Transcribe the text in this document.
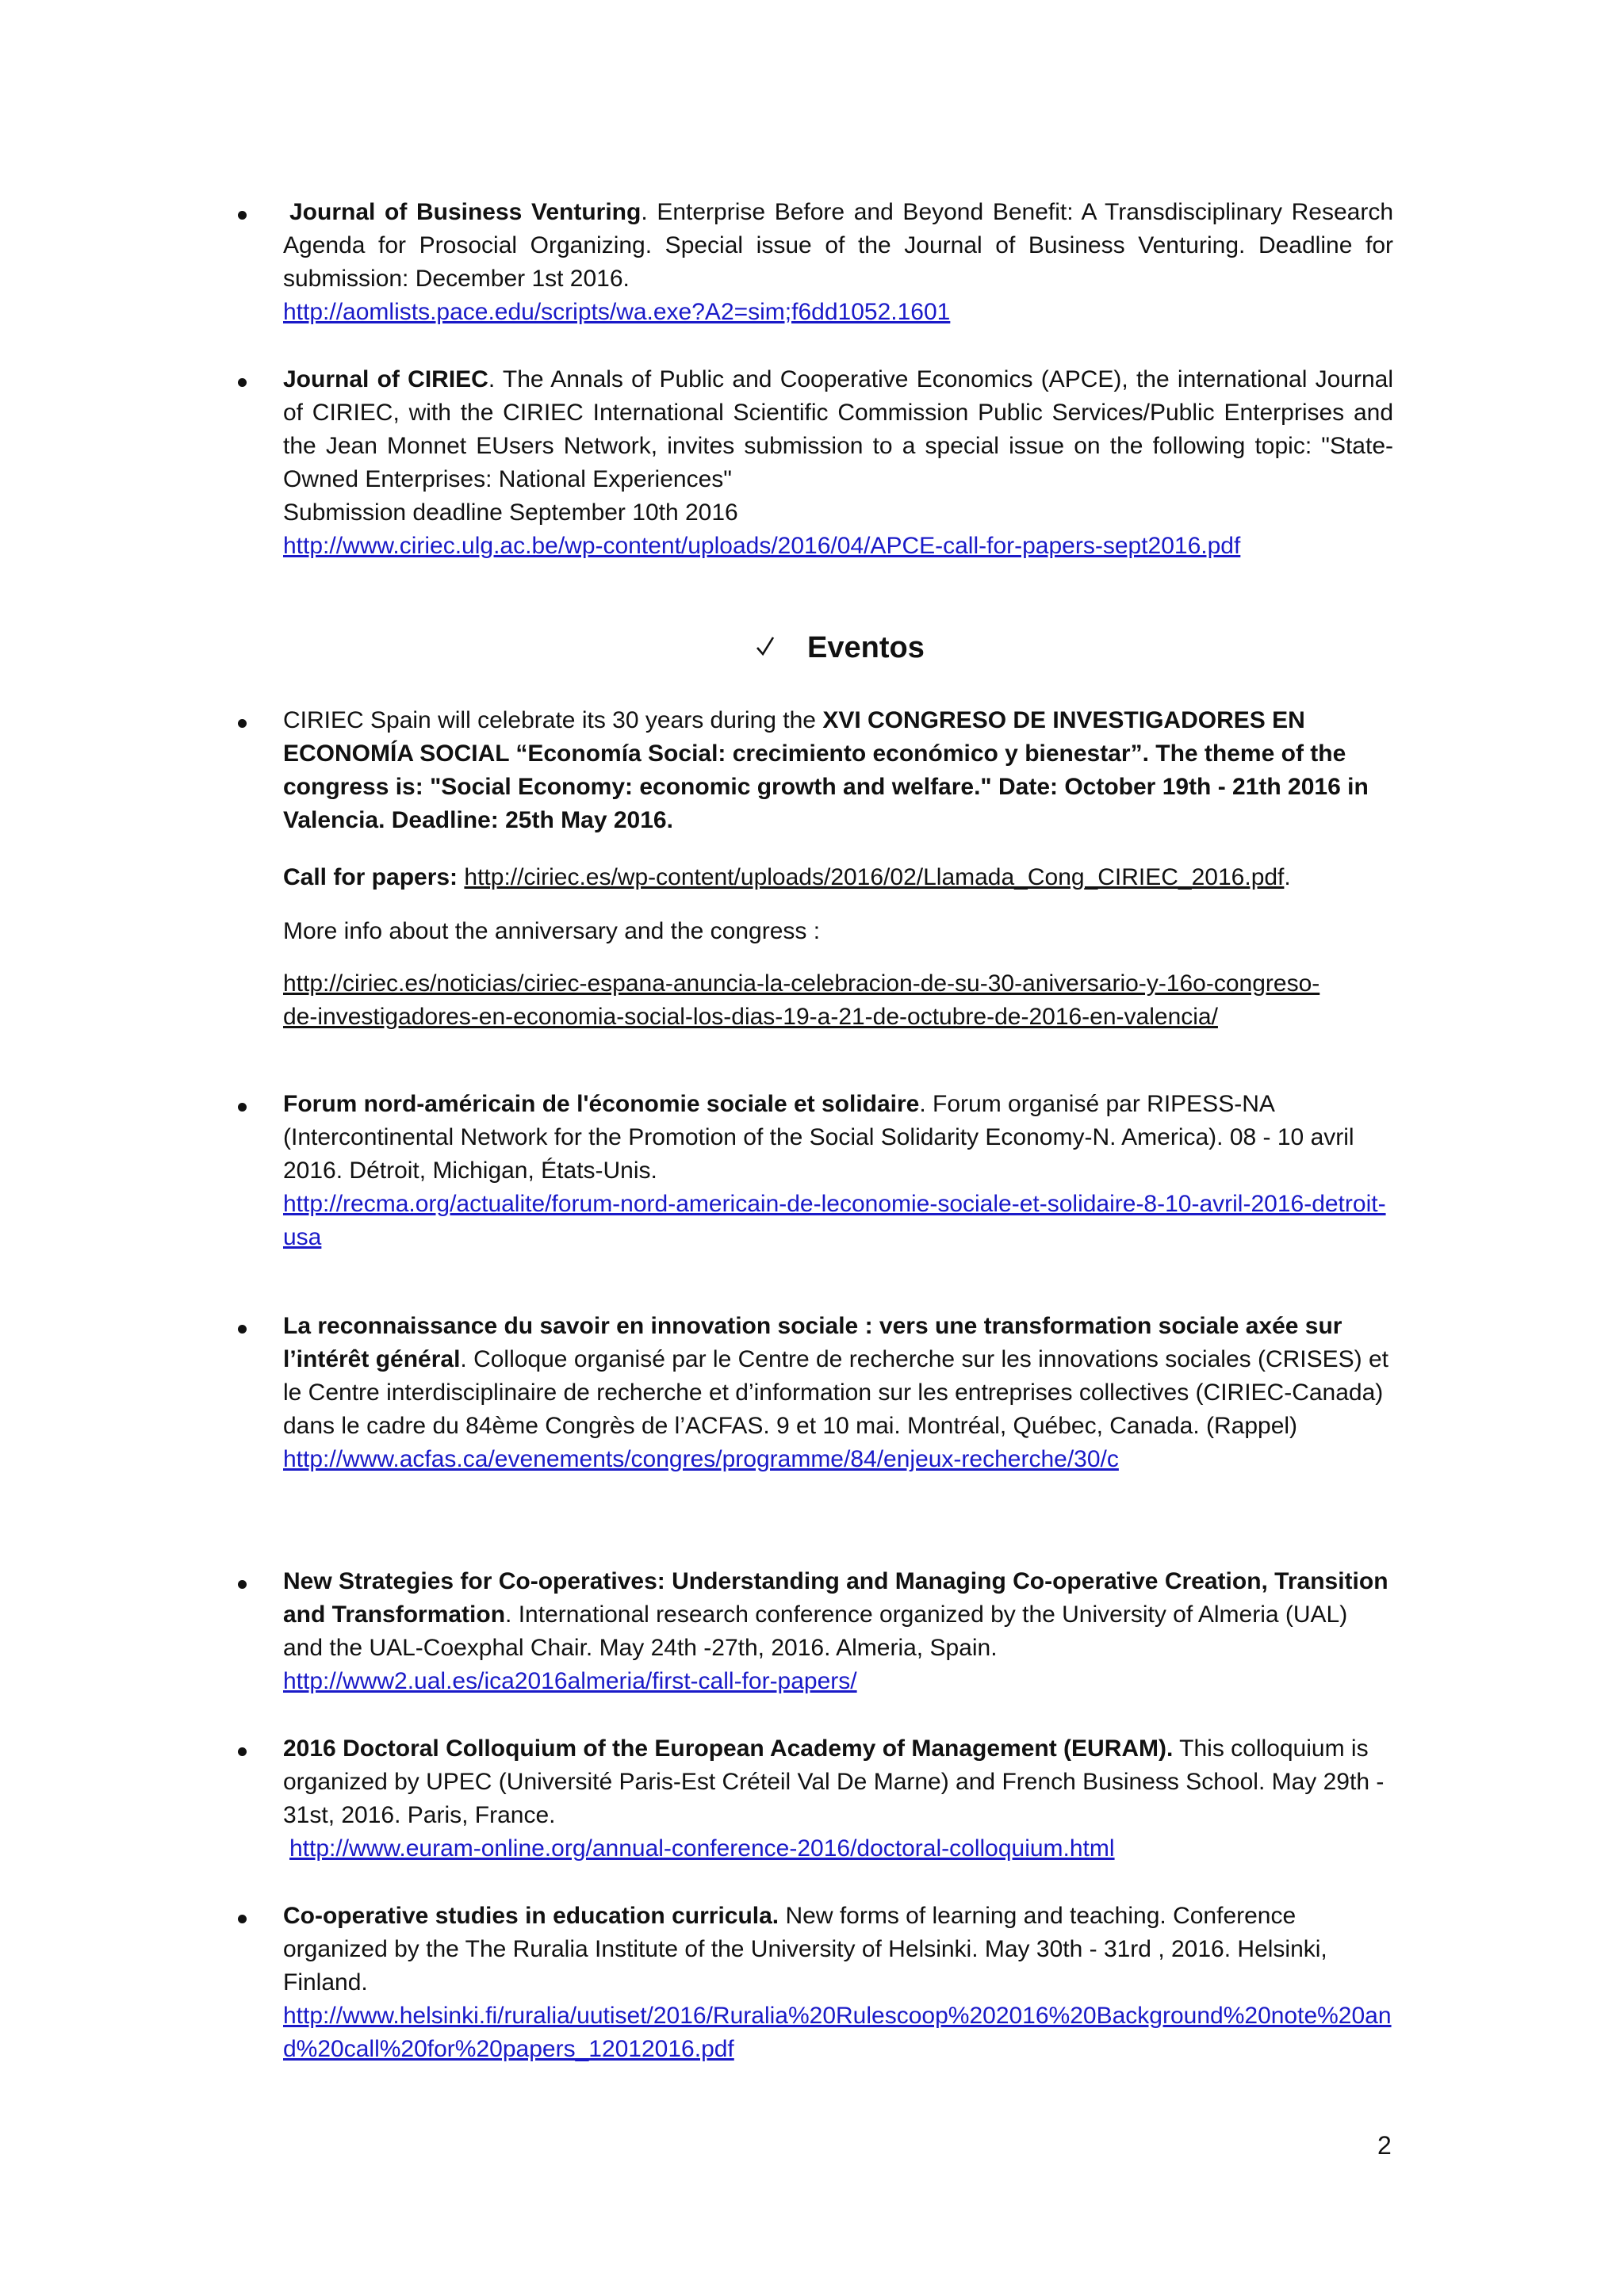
Journal of Business Venturing. Enterprise Before and Beyond Benefit: A Transdisciplinary Research Agenda for Prosocial Organizing. Special issue of the Journal of Business Venturing. Deadline for submission: December 1st 2016.
http://aomlists.pace.edu/scripts/wa.exe?A2=sim;f6dd1052.1601
Journal of CIRIEC. The Annals of Public and Cooperative Economics (APCE), the international Journal of CIRIEC, with the CIRIEC International Scientific Commission Public Services/Public Enterprises and the Jean Monnet EUsers Network, invites submission to a special issue on the following topic: "State-Owned Enterprises: National Experiences"
Submission deadline September 10th 2016
http://www.ciriec.ulg.ac.be/wp-content/uploads/2016/04/APCE-call-for-papers-sept2016.pdf
Eventos

CIRIEC Spain will celebrate its 30 years during the XVI CONGRESO DE INVESTIGADORES EN ECONOMÍA SOCIAL “Economía Social: crecimiento económico y bienestar”. The theme of the congress is: "Social Economy: economic growth and welfare." Date: October 19th - 21th 2016 in Valencia. Deadline: 25th May 2016.

Call for papers: http://ciriec.es/wp-content/uploads/2016/02/Llamada_Cong_CIRIEC_2016.pdf.

More info about the anniversary and the congress :

http://ciriec.es/noticias/ciriec-espana-anuncia-la-celebracion-de-su-30-aniversario-y-16o-congreso-de-investigadores-en-economia-social-los-dias-19-a-21-de-octubre-de-2016-en-valencia/

Forum nord-américain de l'économie sociale et solidaire. Forum organisé par RIPESS-NA (Intercontinental Network for the Promotion of the Social Solidarity Economy-N. America). 08 - 10 avril 2016. Détroit, Michigan, États-Unis.
http://recma.org/actualite/forum-nord-americain-de-leconomie-sociale-et-solidaire-8-10-avril-2016-detroit-usa
La reconnaissance du savoir en innovation sociale : vers une transformation sociale axée sur l’intérêt général. Colloque organisé par le Centre de recherche sur les innovations sociales (CRISES) et le Centre interdisciplinaire de recherche et d’information sur les entreprises collectives (CIRIEC-Canada) dans le cadre du 84ème Congrès de l’ACFAS. 9 et 10 mai. Montréal, Québec, Canada. (Rappel)
http://www.acfas.ca/evenements/congres/programme/84/enjeux-recherche/30/c
New Strategies for Co-operatives: Understanding and Managing Co-operative Creation, Transition and Transformation. International research conference organized by the University of Almeria (UAL) and the UAL-Coexphal Chair. May 24th -27th, 2016. Almeria, Spain.
http://www2.ual.es/ica2016almeria/first-call-for-papers/
2016 Doctoral Colloquium of the European Academy of Management (EURAM). This colloquium is organized by UPEC (Université Paris-Est Créteil Val De Marne) and French Business School. May 29th - 31st, 2016. Paris, France.
http://www.euram-online.org/annual-conference-2016/doctoral-colloquium.html
Co-operative studies in education curricula. New forms of learning and teaching. Conference organized by the The Ruralia Institute of the University of Helsinki. May 30th - 31rd , 2016. Helsinki, Finland.
http://www.helsinki.fi/ruralia/uutiset/2016/Ruralia%20Rulescoop%202016%20Background%20note%20and%20call%20for%20papers_12012016.pdf
2
